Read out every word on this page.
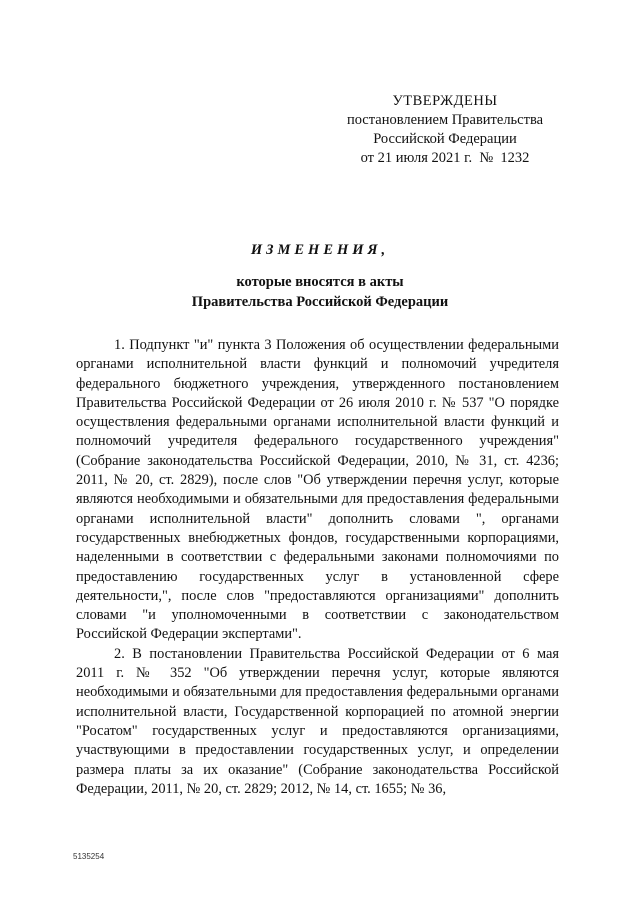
УТВЕРЖДЕНЫ
постановлением Правительства
Российской Федерации
от 21 июля 2021 г.  №  1232
ИЗМЕНЕНИЯ,
которые вносятся в акты
Правительства Российской Федерации

1. Подпункт "и" пункта 3 Положения об осуществлении федеральными органами исполнительной власти функций и полномочий учредителя федерального бюджетного учреждения, утвержденного постановлением Правительства Российской Федерации от 26 июля 2010 г. № 537 "О порядке осуществления федеральными органами исполнительной власти функций и полномочий учредителя федерального государственного учреждения" (Собрание законодательства Российской Федерации, 2010, № 31, ст. 4236; 2011, № 20, ст. 2829), после слов "Об утверждении перечня услуг, которые являются необходимыми и обязательными для предоставления федеральными органами исполнительной власти" дополнить словами ", органами государственных внебюджетных фондов, государственными корпорациями, наделенными в соответствии с федеральными законами полномочиями по предоставлению государственных услуг в установленной сфере деятельности,", после слов "предоставляются организациями" дополнить словами "и уполномоченными в соответствии с законодательством Российской Федерации экспертами".

2. В постановлении Правительства Российской Федерации от 6 мая 2011 г. № 352 "Об утверждении перечня услуг, которые являются необходимыми и обязательными для предоставления федеральными органами исполнительной власти, Государственной корпорацией по атомной энергии "Росатом" государственных услуг и предоставляются организациями, участвующими в предоставлении государственных услуг, и определении размера платы за их оказание" (Собрание законодательства Российской Федерации, 2011, № 20, ст. 2829; 2012, № 14, ст. 1655; № 36,

5135254
